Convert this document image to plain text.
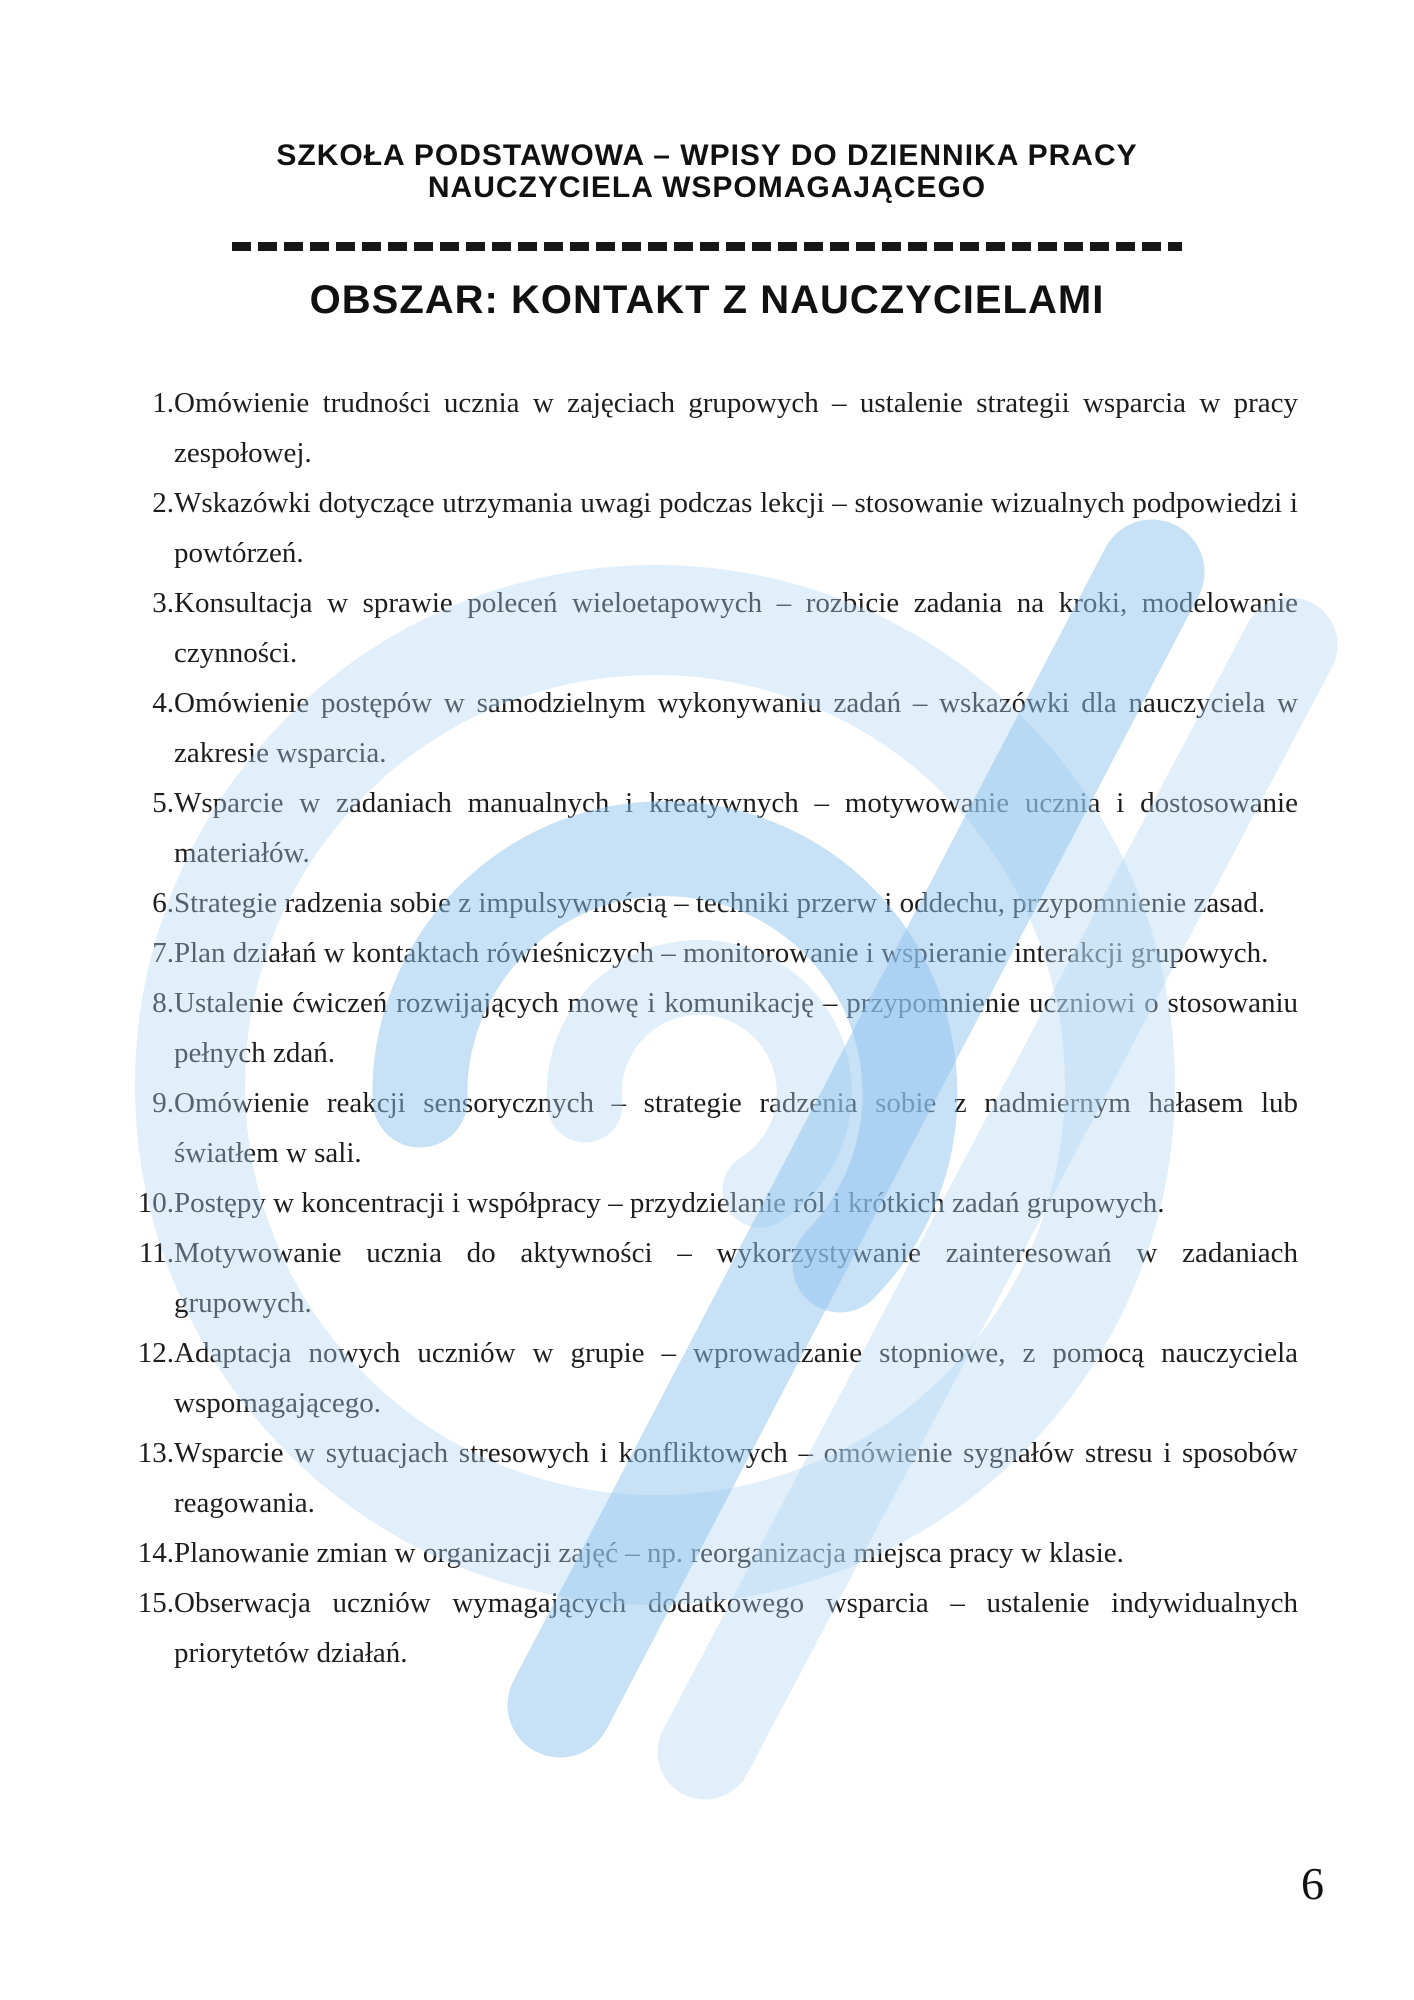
SZKOŁA PODSTAWOWA – WPISY DO DZIENNIKA PRACY
NAUCZYCIELA WSPOMAGAJĄCEGO
OBSZAR: KONTAKT Z NAUCZYCIELAMI
1.Omówienie trudności ucznia w zajęciach grupowych – ustalenie strategii wsparcia w pracy zespołowej.
2.Wskazówki dotyczące utrzymania uwagi podczas lekcji – stosowanie wizualnych podpowiedzi i powtórzeń.
3.Konsultacja w sprawie poleceń wieloetapowych – rozbicie zadania na kroki, modelowanie czynności.
4.Omówienie postępów w samodzielnym wykonywaniu zadań – wskazówki dla nauczyciela w zakresie wsparcia.
5.Wsparcie w zadaniach manualnych i kreatywnych – motywowanie ucznia i dostosowanie materiałów.
6.Strategie radzenia sobie z impulsywnością – techniki przerw i oddechu, przypomnienie zasad.
7.Plan działań w kontaktach rówieśniczych – monitorowanie i wspieranie interakcji grupowych.
8.Ustalenie ćwiczeń rozwijających mowę i komunikację – przypomnienie uczniowi o stosowaniu pełnych zdań.
9.Omówienie reakcji sensorycznych – strategie radzenia sobie z nadmiernym hałasem lub światłem w sali.
10.Postępy w koncentracji i współpracy – przydzielanie ról i krótkich zadań grupowych.
11.Motywowanie ucznia do aktywności – wykorzystywanie zainteresowań w zadaniach grupowych.
12.Adaptacja nowych uczniów w grupie – wprowadzanie stopniowe, z pomocą nauczyciela wspomagającego.
13.Wsparcie w sytuacjach stresowych i konfliktowych – omówienie sygnałów stresu i sposobów reagowania.
14.Planowanie zmian w organizacji zajęć – np. reorganizacja miejsca pracy w klasie.
15.Obserwacja uczniów wymagających dodatkowego wsparcia – ustalenie indywidualnych priorytetów działań.
6
